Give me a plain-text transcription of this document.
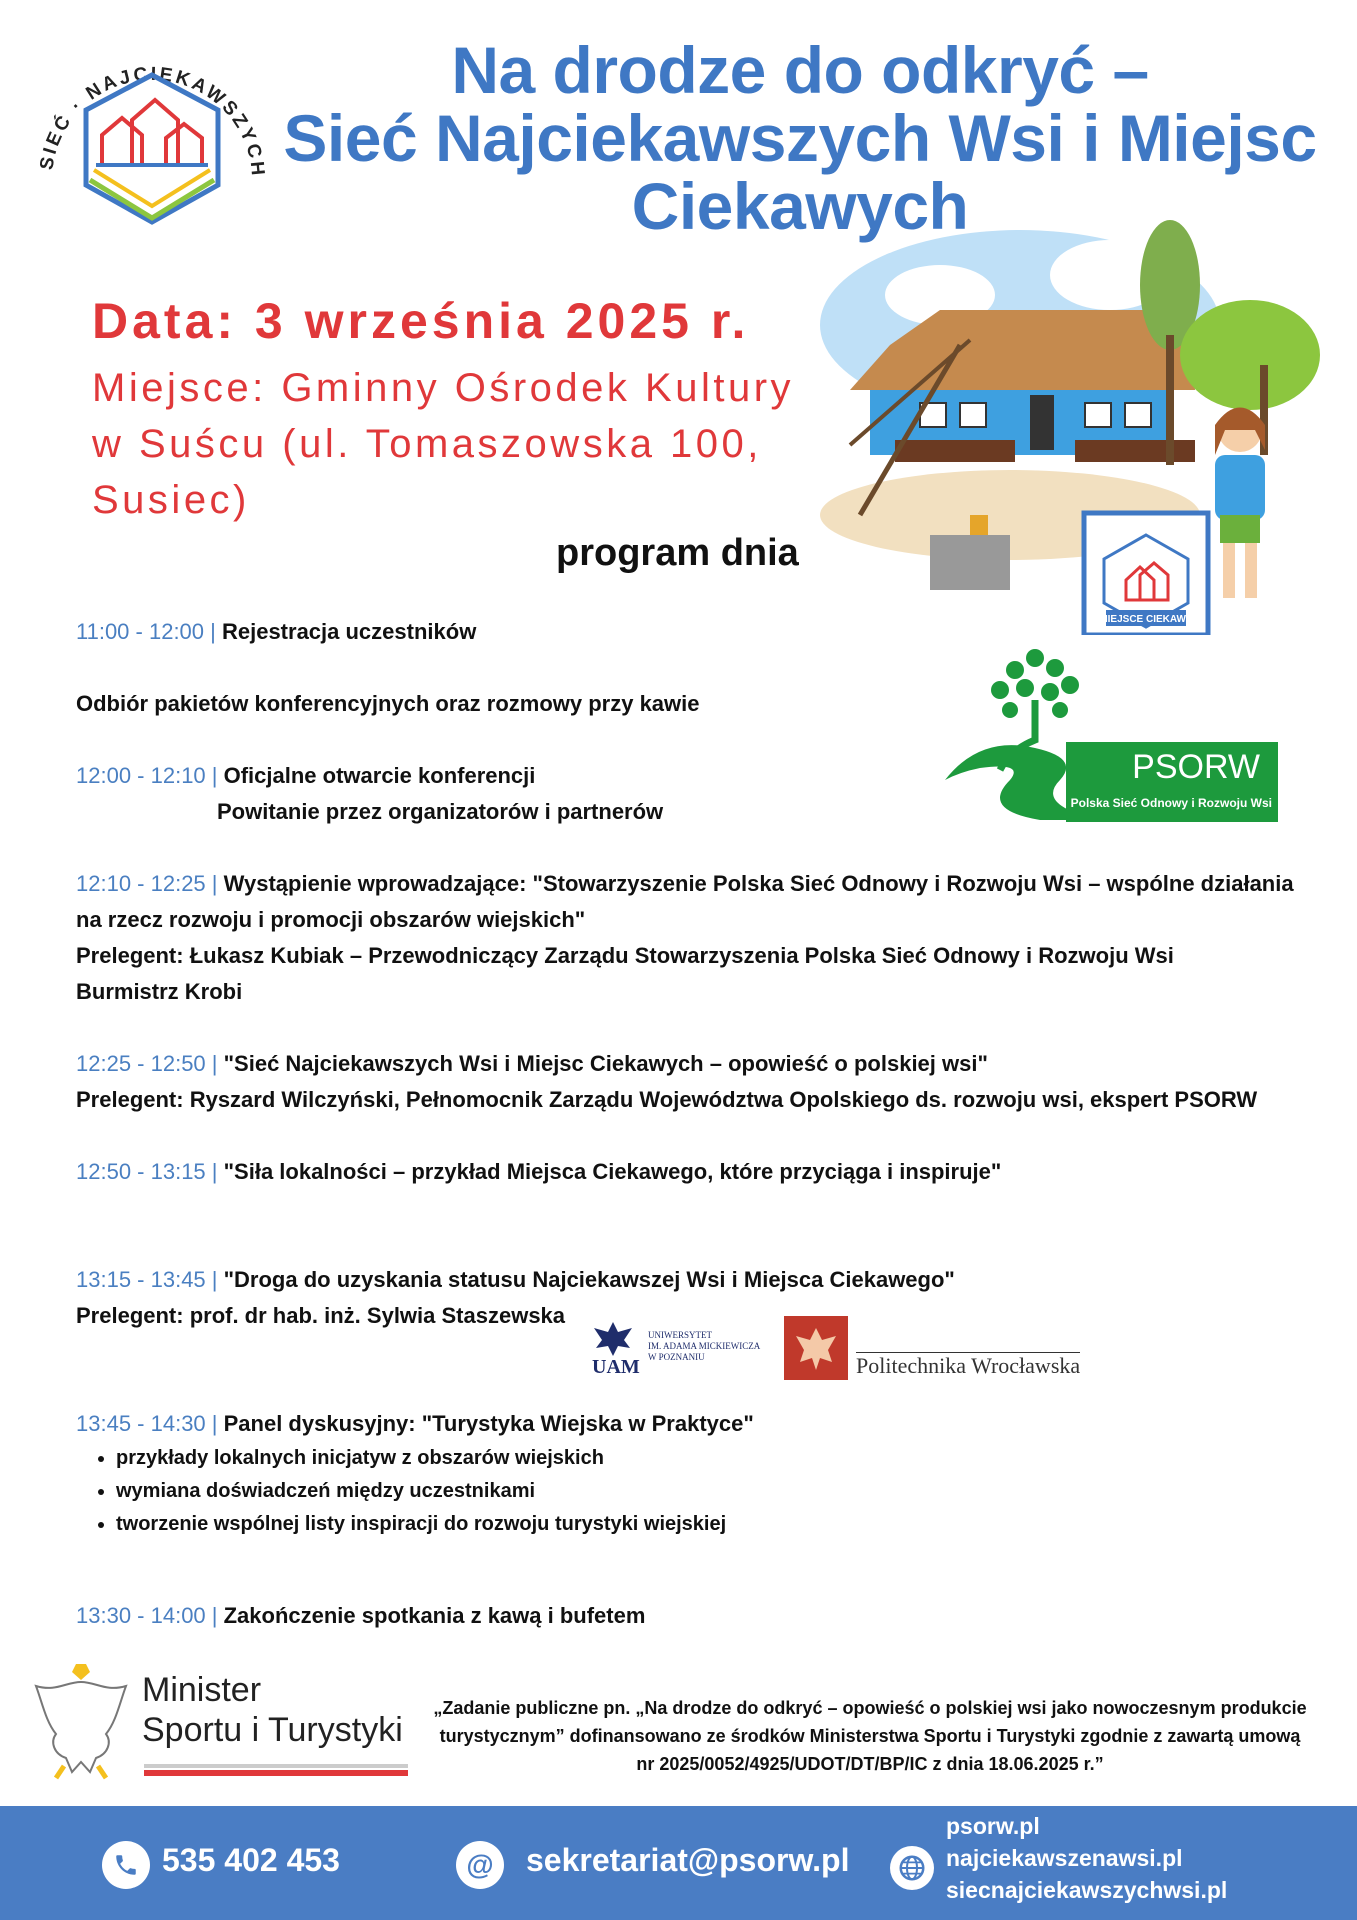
SIEĆ · NAJCIEKAWSZYCH
Na drodze do odkryć –
Sieć Najciekawszych Wsi i Miejsc
Ciekawych
Data: 3 września 2025 r.
Miejsce: Gminny Ośrodek Kultury
w Suścu (ul. Tomaszowska 100,
Susiec)
MIEJSCE CIEKAWE
program dnia
11:00 - 12:00 | Rejestracja uczestników
Odbiór pakietów konferencyjnych oraz rozmowy przy kawie
12:00 - 12:10 | Oficjalne otwarcie konferencji
Powitanie przez organizatorów i partnerów
12:10 - 12:25 | Wystąpienie wprowadzające: "Stowarzyszenie Polska Sieć Odnowy i Rozwoju Wsi – wspólne działania
na rzecz rozwoju i promocji obszarów wiejskich"
Prelegent: Łukasz Kubiak – Przewodniczący Zarządu Stowarzyszenia Polska Sieć Odnowy i Rozwoju Wsi
Burmistrz Krobi
12:25 - 12:50 | "Sieć Najciekawszych Wsi i Miejsc Ciekawych – opowieść o polskiej wsi"
Prelegent: Ryszard Wilczyński, Pełnomocnik Zarządu Województwa Opolskiego ds. rozwoju wsi, ekspert PSORW
12:50 - 13:15 | "Siła lokalności – przykład Miejsca Ciekawego, które przyciąga i inspiruje"
13:15 - 13:45 | "Droga do uzyskania statusu Najciekawszej Wsi i Miejsca Ciekawego"
Prelegent: prof. dr hab. inż. Sylwia Staszewska
13:45 - 14:30 | Panel dyskusyjny: "Turystyka Wiejska w Praktyce"
• przykłady lokalnych inicjatyw z obszarów wiejskich
• wymiana doświadczeń między uczestnikami
• tworzenie wspólnej listy inspiracji do rozwoju turystyki wiejskiej
13:30 - 14:00 | Zakończenie spotkania z kawą i bufetem
PSORW
Polska Sieć Odnowy i Rozwoju Wsi
UAM
UNIWERSYTET
IM. ADAMA MICKIEWICZA
W POZNANIU	Politechnika Wrocławska
Minister
Sportu i Turystyki
„Zadanie publiczne pn. „Na drodze do odkryć – opowieść o polskiej wsi jako nowoczesnym produkcie
turystycznym” dofinansowano ze środków Ministerstwa Sportu i Turystyki zgodnie z zawartą umową
nr 2025/0052/4925/UDOT/DT/BP/IC z dnia 18.06.2025 r.”
535 402 453	@	sekretariat@psorw.pl
psorw.pl
najciekawszenawsi.pl
siecnajciekawszychwsi.pl
